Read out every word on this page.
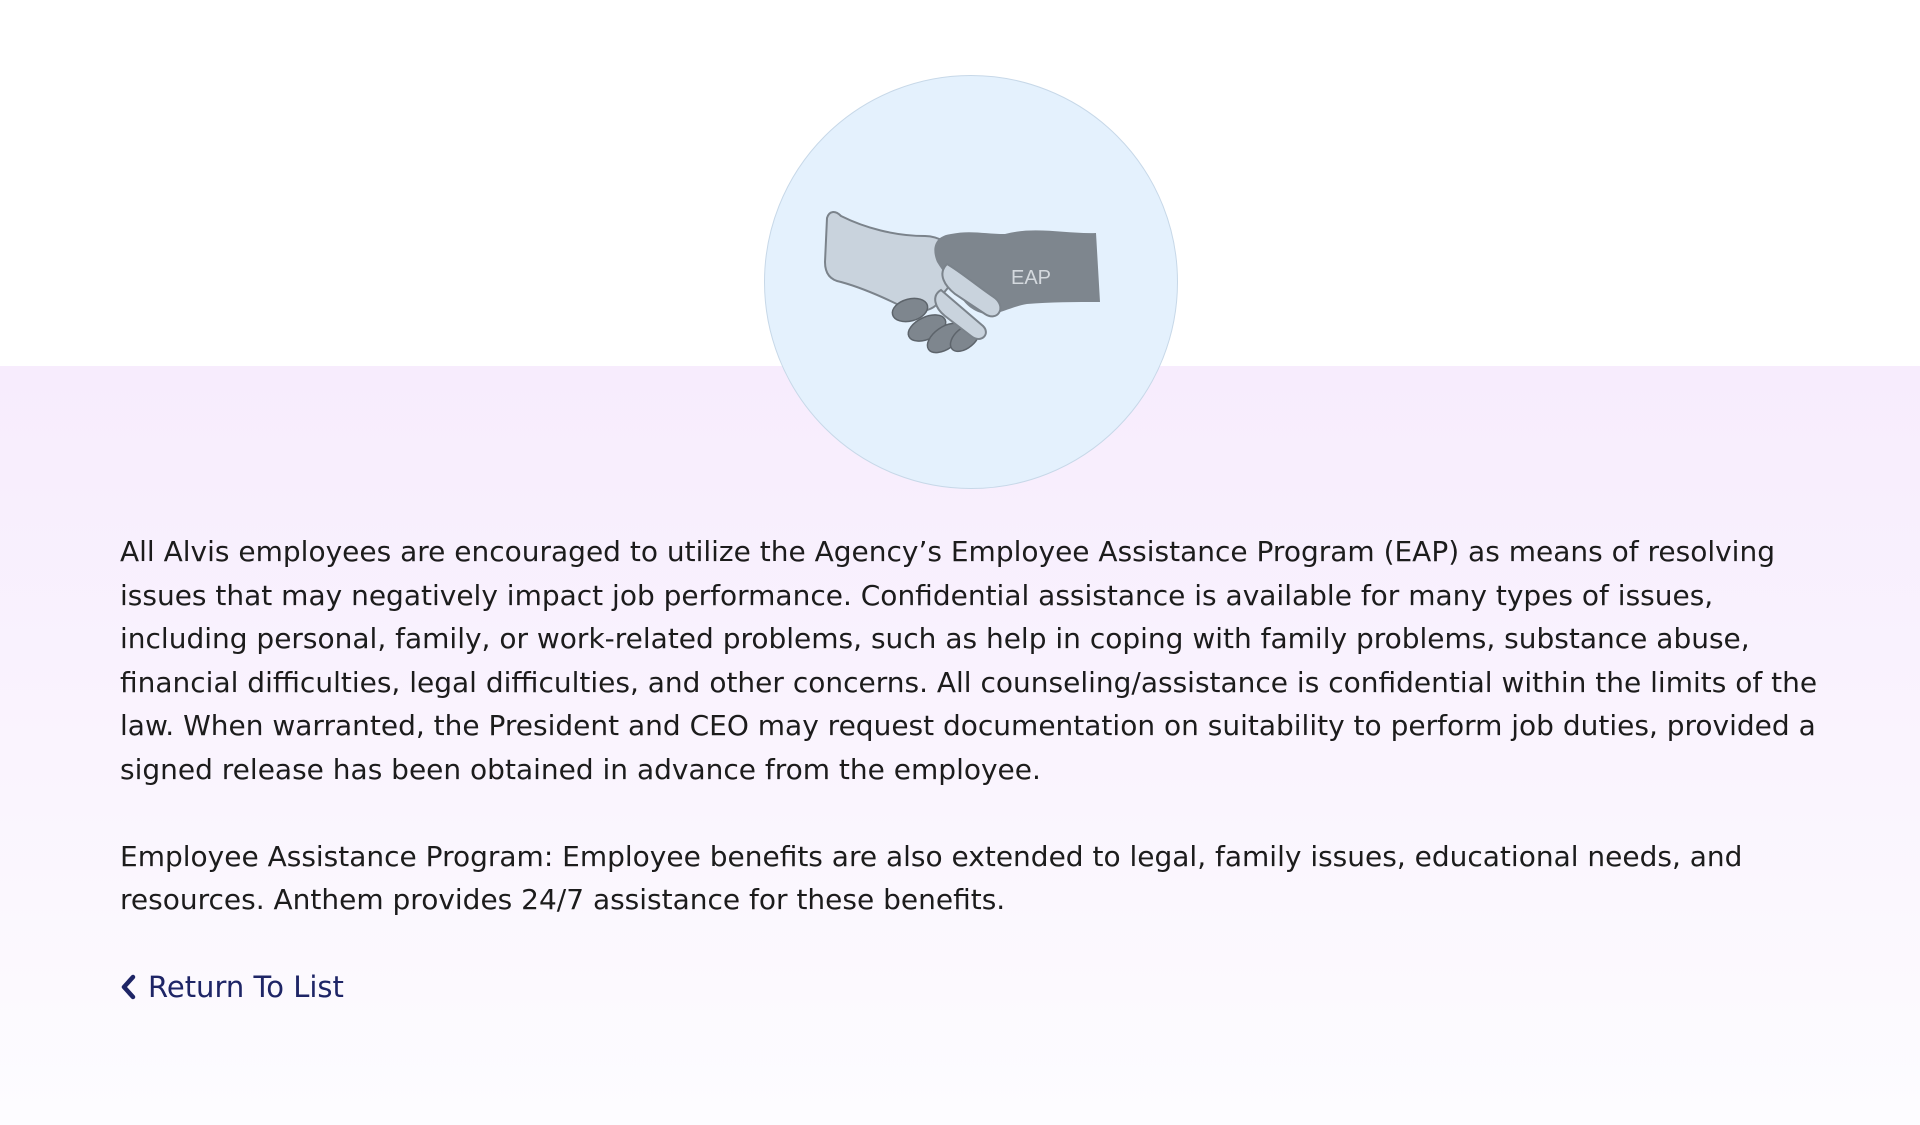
EAP

All Alvis employees are encouraged to utilize the Agency’s Employee Assistance Program (EAP) as means of resolving issues that may negatively impact job performance. Confidential assistance is available for many types of issues, including personal, family, or work-related problems, such as help in coping with family problems, substance abuse, financial difficulties, legal difficulties, and other concerns. All counseling/assistance is confidential within the limits of the law. When warranted, the President and CEO may request documentation on suitability to perform job duties, provided a signed release has been obtained in advance from the employee.

Employee Assistance Program: Employee benefits are also extended to legal, family issues, educational needs, and resources. Anthem provides 24/7 assistance for these benefits.

Return To List
